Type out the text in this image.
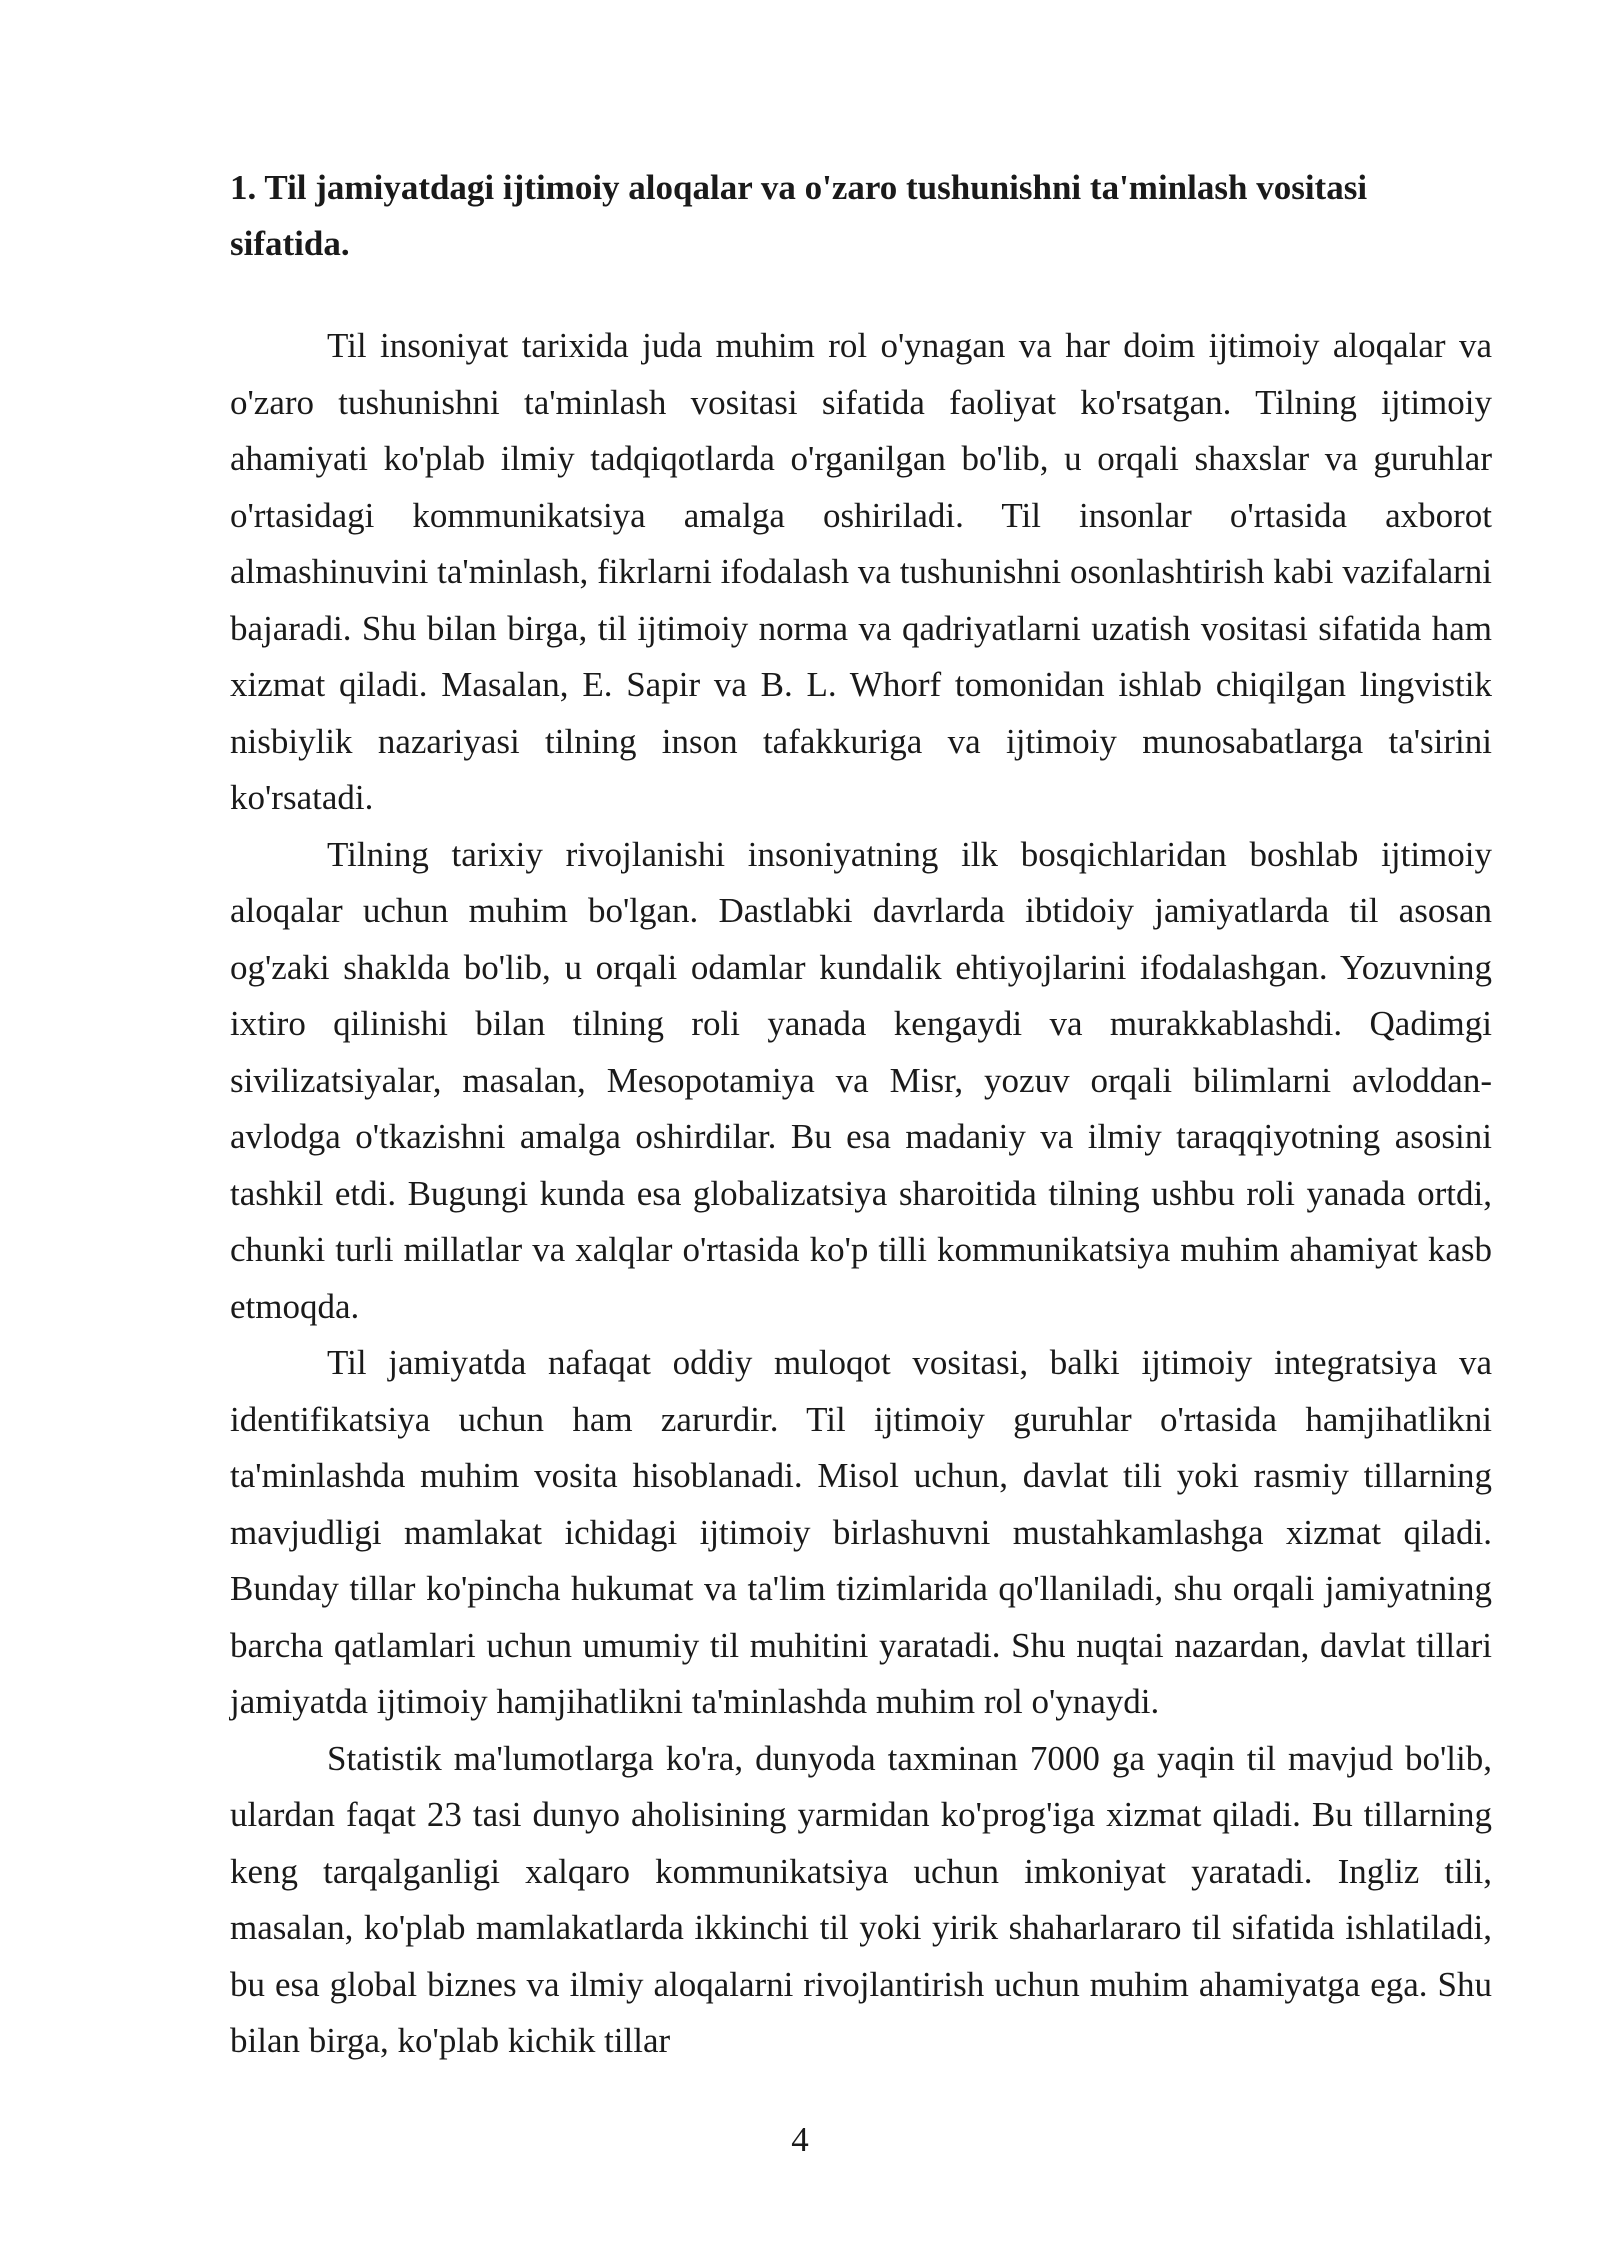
1. Til jamiyatdagi ijtimoiy aloqalar va o'zaro tushunishni ta'minlash vositasi sifatida.

Til insoniyat tarixida juda muhim rol o'ynagan va har doim ijtimoiy aloqalar va o'zaro tushunishni ta'minlash vositasi sifatida faoliyat ko'rsatgan. Tilning ijtimoiy ahamiyati ko'plab ilmiy tadqiqotlarda o'rganilgan bo'lib, u orqali shaxslar va guruhlar o'rtasidagi kommunikatsiya amalga oshiriladi. Til insonlar o'rtasida axborot almashinuvini ta'minlash, fikrlarni ifodalash va tushunishni osonlashtirish kabi vazifalarni bajaradi. Shu bilan birga, til ijtimoiy norma va qadriyatlarni uzatish vositasi sifatida ham xizmat qiladi. Masalan, E. Sapir va B. L. Whorf tomonidan ishlab chiqilgan lingvistik nisbiylik nazariyasi tilning inson tafakkuriga va ijtimoiy munosabatlarga ta'sirini ko'rsatadi.

Tilning tarixiy rivojlanishi insoniyatning ilk bosqichlaridan boshlab ijtimoiy aloqalar uchun muhim bo'lgan. Dastlabki davrlarda ibtidoiy jamiyatlarda til asosan og'zaki shaklda bo'lib, u orqali odamlar kundalik ehtiyojlarini ifodalashgan. Yozuvning ixtiro qilinishi bilan tilning roli yanada kengaydi va murakkablashdi. Qadimgi sivilizatsiyalar, masalan, Mesopotamiya va Misr, yozuv orqali bilimlarni avloddan-avlodga o'tkazishni amalga oshirdilar. Bu esa madaniy va ilmiy taraqqiyotning asosini tashkil etdi. Bugungi kunda esa globalizatsiya sharoitida tilning ushbu roli yanada ortdi, chunki turli millatlar va xalqlar o'rtasida ko'p tilli kommunikatsiya muhim ahamiyat kasb etmoqda.

Til jamiyatda nafaqat oddiy muloqot vositasi, balki ijtimoiy integratsiya va identifikatsiya uchun ham zarurdir. Til ijtimoiy guruhlar o'rtasida hamjihatlikni ta'minlashda muhim vosita hisoblanadi. Misol uchun, davlat tili yoki rasmiy tillarning mavjudligi mamlakat ichidagi ijtimoiy birlashuvni mustahkamlashga xizmat qiladi. Bunday tillar ko'pincha hukumat va ta'lim tizimlarida qo'llaniladi, shu orqali jamiyatning barcha qatlamlari uchun umumiy til muhitini yaratadi. Shu nuqtai nazardan, davlat tillari jamiyatda ijtimoiy hamjihatlikni ta'minlashda muhim rol o'ynaydi.

Statistik ma'lumotlarga ko'ra, dunyoda taxminan 7000 ga yaqin til mavjud bo'lib, ulardan faqat 23 tasi dunyo aholisining yarmidan ko'prog'iga xizmat qiladi. Bu tillarning keng tarqalganligi xalqaro kommunikatsiya uchun imkoniyat yaratadi. Ingliz tili, masalan, ko'plab mamlakatlarda ikkinchi til yoki yirik shaharlararo til sifatida ishlatiladi, bu esa global biznes va ilmiy aloqalarni rivojlantirish uchun muhim ahamiyatga ega. Shu bilan birga, ko'plab kichik tillar

4
